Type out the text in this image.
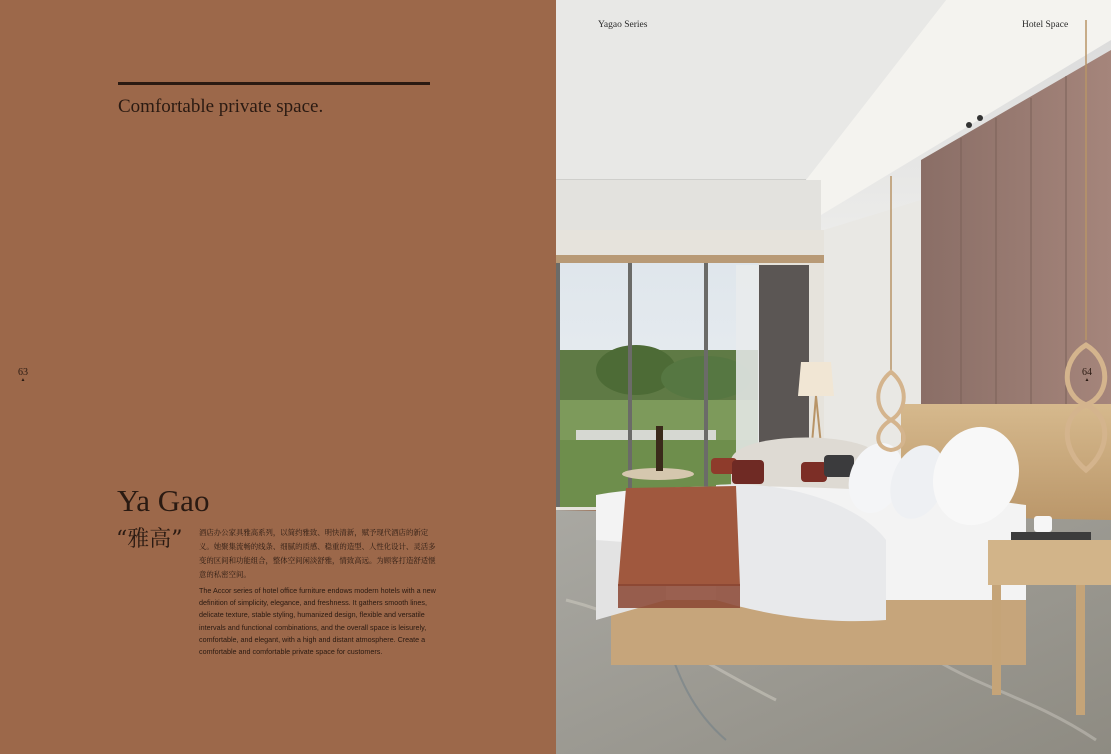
Comfortable private space.
63
▲
Ya Gao
“雅高” 酒店办公家具雅高系列，以简约雅致、明快清新，赋予现代酒店的新定义。她聚集流畅的线条、细腻的质感、稳重的造型、人性化设计、灵活多变的区间和功能组合，整体空间闲淡舒雅，情致高远。为顾客打造舒适惬意的私密空间。
The Accor series of hotel office furniture endows modern hotels with a new definition of simplicity, elegance, and freshness. It gathers smooth lines, delicate texture, stable styling, humanized design, flexible and versatile intervals and functional combinations, and the overall space is leisurely, comfortable, and elegant, with a high and distant atmosphere. Create a comfortable and comfortable private space for customers.
Yagao Series	Hotel Space
64
▲
